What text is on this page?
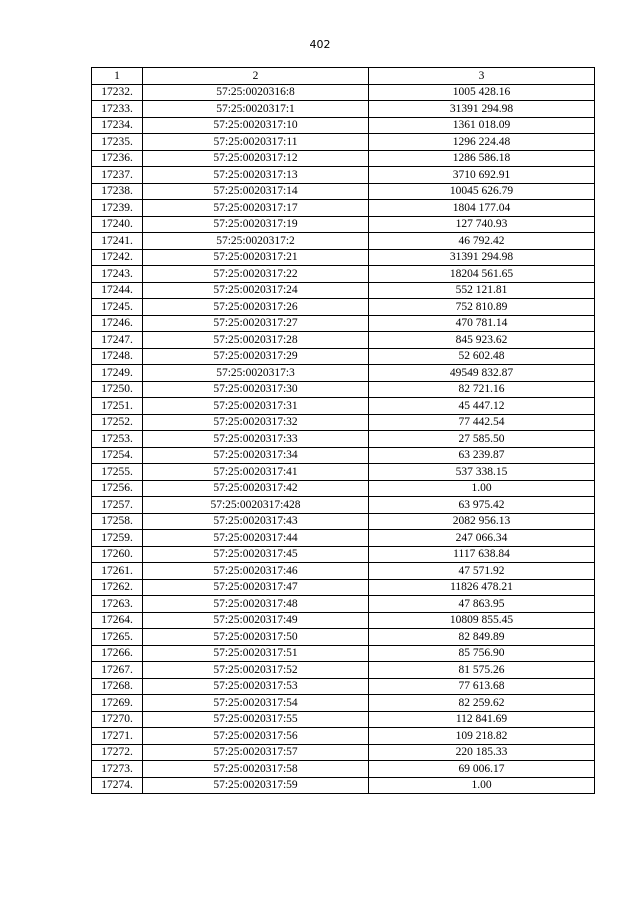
402
1	2	3
17232.	57:25:0020316:8	1005 428.16
17233.	57:25:0020317:1	31391 294.98
17234.	57:25:0020317:10	1361 018.09
17235.	57:25:0020317:11	1296 224.48
17236.	57:25:0020317:12	1286 586.18
17237.	57:25:0020317:13	3710 692.91
17238.	57:25:0020317:14	10045 626.79
17239.	57:25:0020317:17	1804 177.04
17240.	57:25:0020317:19	127 740.93
17241.	57:25:0020317:2	46 792.42
17242.	57:25:0020317:21	31391 294.98
17243.	57:25:0020317:22	18204 561.65
17244.	57:25:0020317:24	552 121.81
17245.	57:25:0020317:26	752 810.89
17246.	57:25:0020317:27	470 781.14
17247.	57:25:0020317:28	845 923.62
17248.	57:25:0020317:29	52 602.48
17249.	57:25:0020317:3	49549 832.87
17250.	57:25:0020317:30	82 721.16
17251.	57:25:0020317:31	45 447.12
17252.	57:25:0020317:32	77 442.54
17253.	57:25:0020317:33	27 585.50
17254.	57:25:0020317:34	63 239.87
17255.	57:25:0020317:41	537 338.15
17256.	57:25:0020317:42	1.00
17257.	57:25:0020317:428	63 975.42
17258.	57:25:0020317:43	2082 956.13
17259.	57:25:0020317:44	247 066.34
17260.	57:25:0020317:45	1117 638.84
17261.	57:25:0020317:46	47 571.92
17262.	57:25:0020317:47	11826 478.21
17263.	57:25:0020317:48	47 863.95
17264.	57:25:0020317:49	10809 855.45
17265.	57:25:0020317:50	82 849.89
17266.	57:25:0020317:51	85 756.90
17267.	57:25:0020317:52	81 575.26
17268.	57:25:0020317:53	77 613.68
17269.	57:25:0020317:54	82 259.62
17270.	57:25:0020317:55	112 841.69
17271.	57:25:0020317:56	109 218.82
17272.	57:25:0020317:57	220 185.33
17273.	57:25:0020317:58	69 006.17
17274.	57:25:0020317:59	1.00
